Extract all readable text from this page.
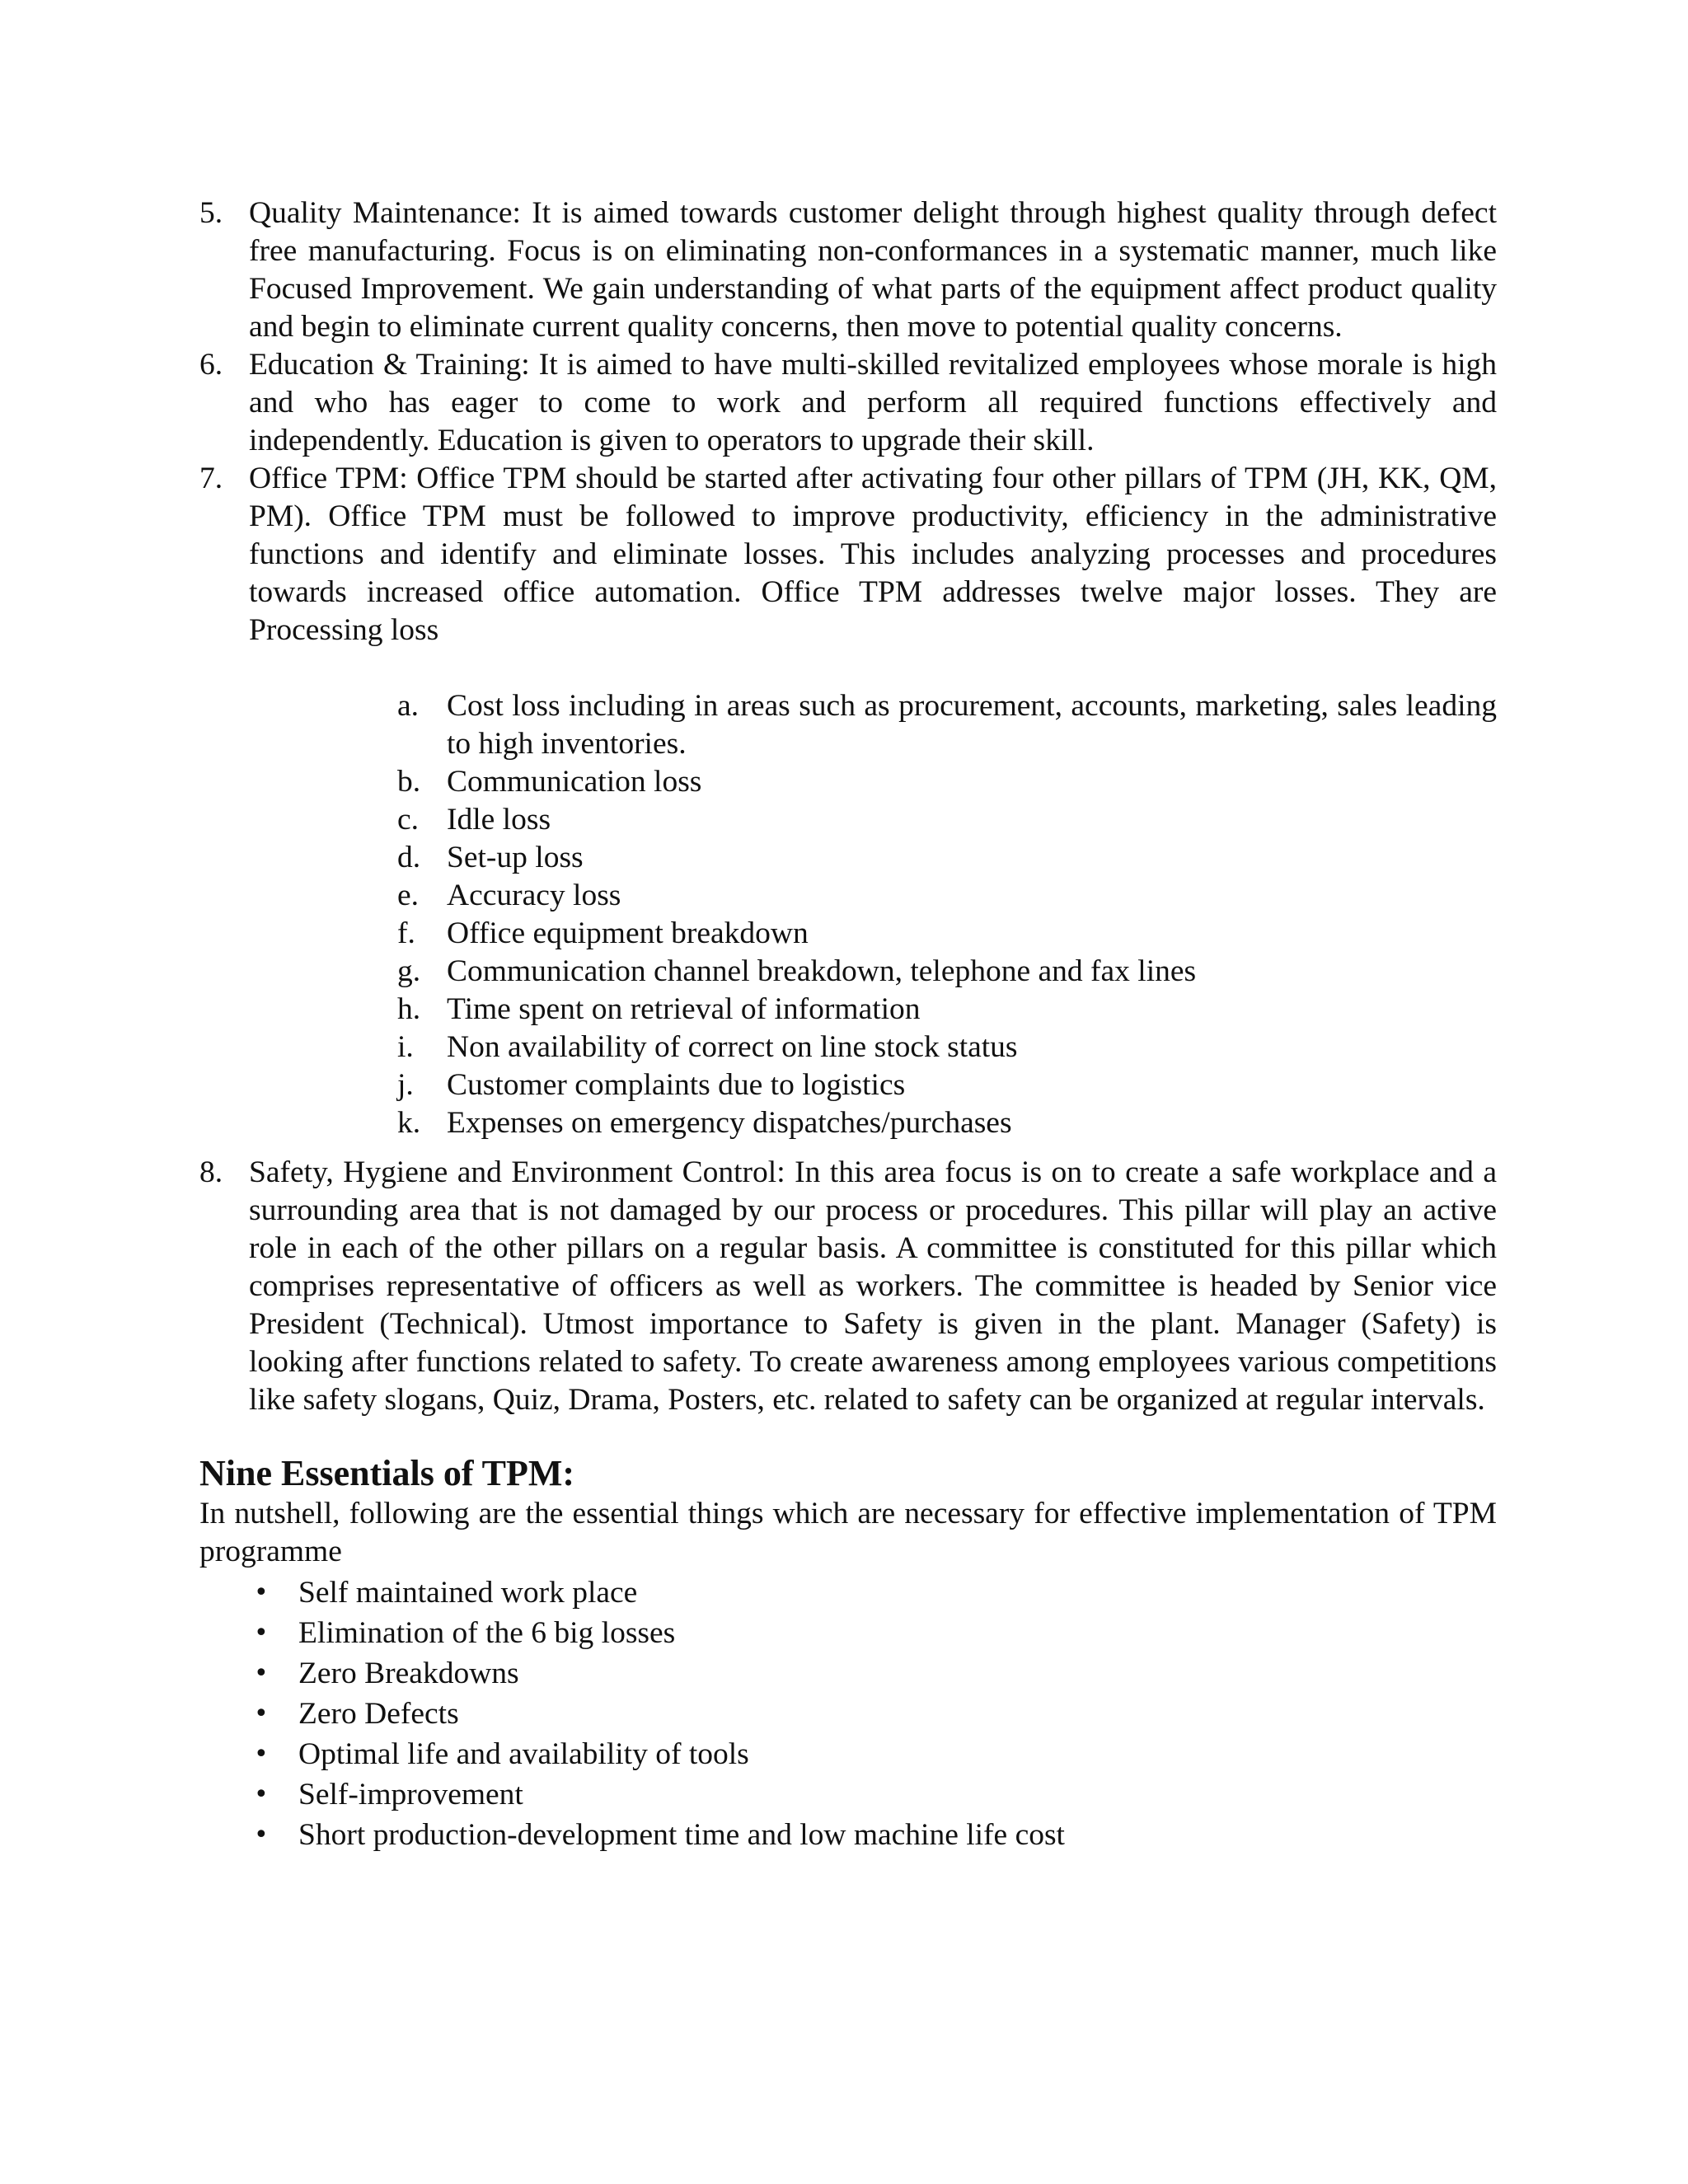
5. Quality Maintenance: It is aimed towards customer delight through highest quality through defect free manufacturing. Focus is on eliminating non-conformances in a systematic manner, much like Focused Improvement. We gain understanding of what parts of the equipment affect product quality and begin to eliminate current quality concerns, then move to potential quality concerns.
6. Education & Training: It is aimed to have multi-skilled revitalized employees whose morale is high and who has eager to come to work and perform all required functions effectively and independently. Education is given to operators to upgrade their skill.
7. Office TPM: Office TPM should be started after activating four other pillars of TPM (JH, KK, QM, PM). Office TPM must be followed to improve productivity, efficiency in the administrative functions and identify and eliminate losses. This includes analyzing processes and procedures towards increased office automation. Office TPM addresses twelve major losses. They are Processing loss
a. Cost loss including in areas such as procurement, accounts, marketing, sales leading to high inventories.
b. Communication loss
c. Idle loss
d. Set-up loss
e. Accuracy loss
f. Office equipment breakdown
g. Communication channel breakdown, telephone and fax lines
h. Time spent on retrieval of information
i. Non availability of correct on line stock status
j. Customer complaints due to logistics
k. Expenses on emergency dispatches/purchases
8. Safety, Hygiene and Environment Control: In this area focus is on to create a safe workplace and a surrounding area that is not damaged by our process or procedures. This pillar will play an active role in each of the other pillars on a regular basis. A committee is constituted for this pillar which comprises representative of officers as well as workers. The committee is headed by Senior vice President (Technical). Utmost importance to Safety is given in the plant. Manager (Safety) is looking after functions related to safety. To create awareness among employees various competitions like safety slogans, Quiz, Drama, Posters, etc. related to safety can be organized at regular intervals.
Nine Essentials of TPM:
In nutshell, following are the essential things which are necessary for effective implementation of TPM programme
• Self maintained work place
• Elimination of the 6 big losses
• Zero Breakdowns
• Zero Defects
• Optimal life and availability of tools
• Self-improvement
• Short production-development time and low machine life cost
